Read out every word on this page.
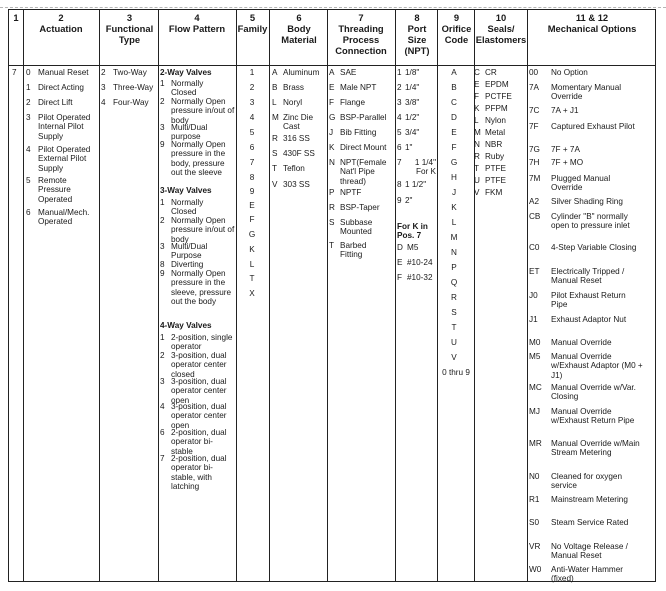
1	2
Actuation
3
Functional Type
4
Flow Pattern
5
Family
6
Body Material
7
Threading Process Connection
8
Port Size (NPT)
9
Orifice Code
10
Seals/ Elastomers
11 & 12
Mechanical Options
7 0 Manual Reset
1 Direct Acting
2 Direct Lift
3 Pilot Operated Internal Pilot Supply
4 Pilot Operated External Pilot Supply
5 Remote Pressure Operated
6 Manual/Mech. Operated
2 Two-Way
3 Three-Way
4 Four-Way
2-Way Valves
1 Normally Closed
2 Normally Open pressure in/out of body
3 Multi/Dual purpose
9 Normally Open pressure in the body, pressure out the sleeve
3-Way Valves
1 Normally Closed
2 Normally Open pressure in/out of body
3 Multi/Dual Purpose
8 Diverting
9 Normally Open pressure in the sleeve, pressure out the body
4-Way Valves
1 2-position, single operator
2 3-position, dual operator center closed
3 3-position, dual operator center open
4 3-position, dual operator center open
6 2-position, dual operator bi-stable
7 2-position, dual operator bi-stable, with latching
1
2
3
4
5
6
7
8
9
E
F
G
K
L
T
X
A Aluminum
B Brass
L Noryl
M Zinc Die Cast
R 316 SS
S 430F SS
T Teflon
V 303 SS
A SAE
E Male NPT
F Flange
G BSP-Parallel
J Bib Fitting
K Direct Mount
N NPT(Female Nat'l Pipe thread)
P NPTF
R BSP-Taper
S Subbase Mounted
T Barbed Fitting
1 1/8"
2 1/4"
3 3/8"
4 1/2"
5 3/4"
6 1"
7	1 1/4" For K
8 1 1/2"
9 2"
For K in Pos. 7
D M5
E #10-24
F #10-32
A
B
C
D
E
F
G
H
J
K
L
M
N
P
Q
R
S
T
U
V
0 thru 9
C CR
E EPDM
F PCTFE
K PFPM
L Nylon
M Metal
N NBR
R Ruby
T PTFE
U PTFE
V FKM
00 No Option
7A Momentary Manual Override
7C 7A + J1
7F Captured Exhaust Pilot
7G 7F + 7A
7H 7F + MO
7M Plugged Manual Override
A2 Silver Shading Ring
CB Cylinder "B" normally open to pressure inlet
C0 4-Step Variable Closing
ET Electrically Tripped / Manual Reset
J0 Pilot Exhaust Return Pipe
J1 Exhaust Adaptor Nut
M0 Manual Override
M5 Manual Override w/Exhaust Adaptor (M0 + J1)
MC Manual Override w/Var. Closing
MJ Manual Override w/Exhaust Return Pipe
MR Manual Override w/Main Stream Metering
N0 Cleaned for oxygen service
R1 Mainstream Metering
S0 Steam Service Rated
VR No Voltage Release / Manual Reset
W0 Anti-Water Hammer (fixed)
